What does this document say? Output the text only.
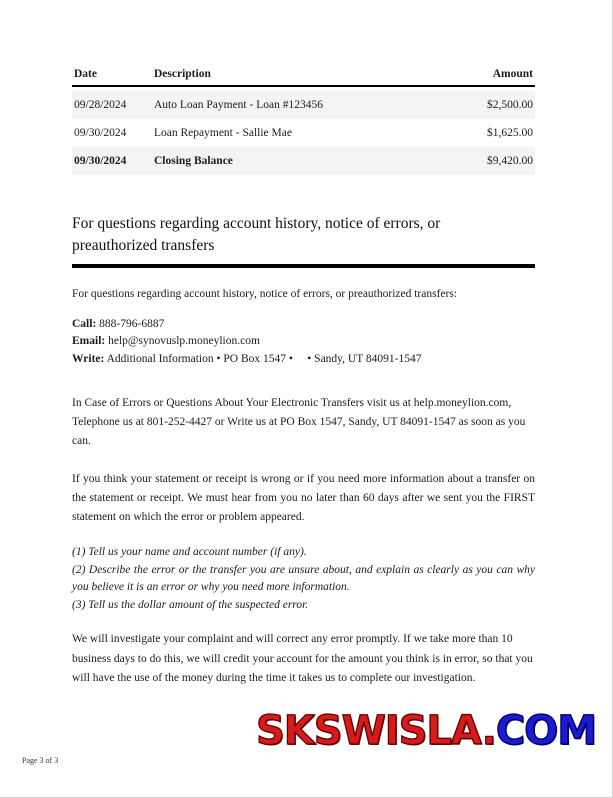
Date	Description	Amount
09/28/2024	Auto Loan Payment - Loan #123456	$2,500.00
09/30/2024	Loan Repayment - Sallie Mae	$1,625.00
09/30/2024	Closing Balance	$9,420.00
For questions regarding account history, notice of errors, or preauthorized transfers

For questions regarding account history, notice of errors, or preauthorized transfers:

Call: 888-796-6887
Email: help@synovuslp.moneylion.com
Write: Additional Information • PO Box 1547 •     • Sandy, UT 84091-1547

In Case of Errors or Questions About Your Electronic Transfers visit us at help.moneylion.com, Telephone us at 801-252-4427 or Write us at PO Box 1547, Sandy, UT 84091-1547 as soon as you can.

If you think your statement or receipt is wrong or if you need more information about a transfer on the statement or receipt. We must hear from you no later than 60 days after we sent you the FIRST statement on which the error or problem appeared.

(1) Tell us your name and account number (if any).
(2) Describe the error or the transfer you are unsure about, and explain as clearly as you can why you believe it is an error or why you need more information.
(3) Tell us the dollar amount of the suspected error.

We will investigate your complaint and will correct any error promptly. If we take more than 10 business days to do this, we will credit your account for the amount you think is in error, so that you will have the use of the money during the time it takes us to complete our investigation.

SKSWISLA.COM
Page 3 of 3
